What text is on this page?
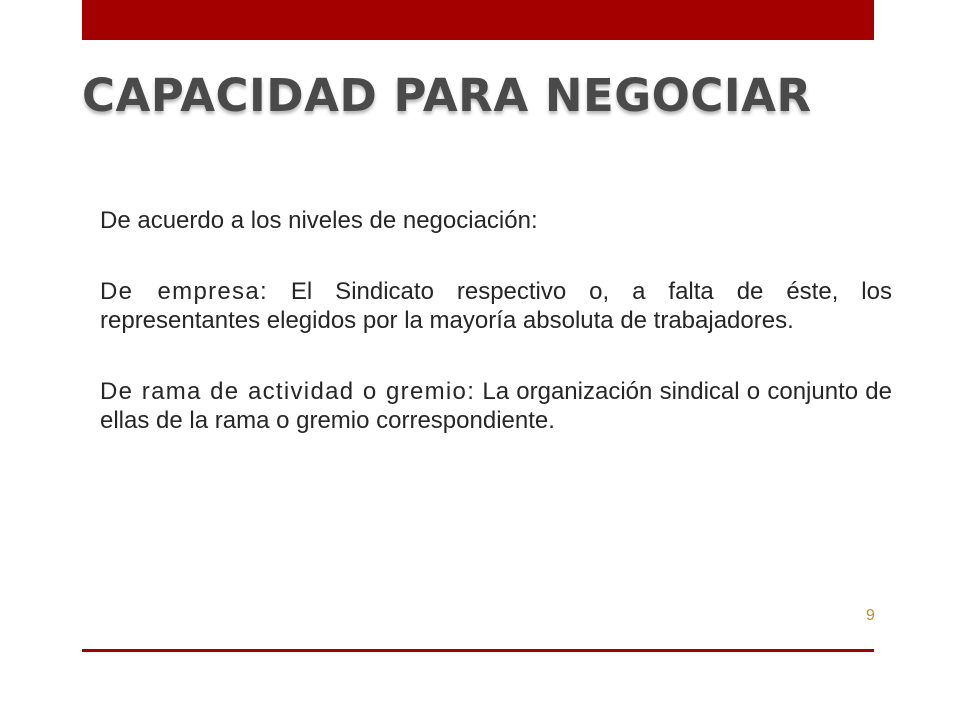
CAPACIDAD PARA NEGOCIAR

De acuerdo a los niveles de negociación:

De empresa: El Sindicato respectivo o, a falta de éste, los representantes elegidos por la mayoría absoluta de trabajadores.

De rama de actividad o gremio: La organización sindical o conjunto de ellas de la rama o gremio correspondiente.

9
